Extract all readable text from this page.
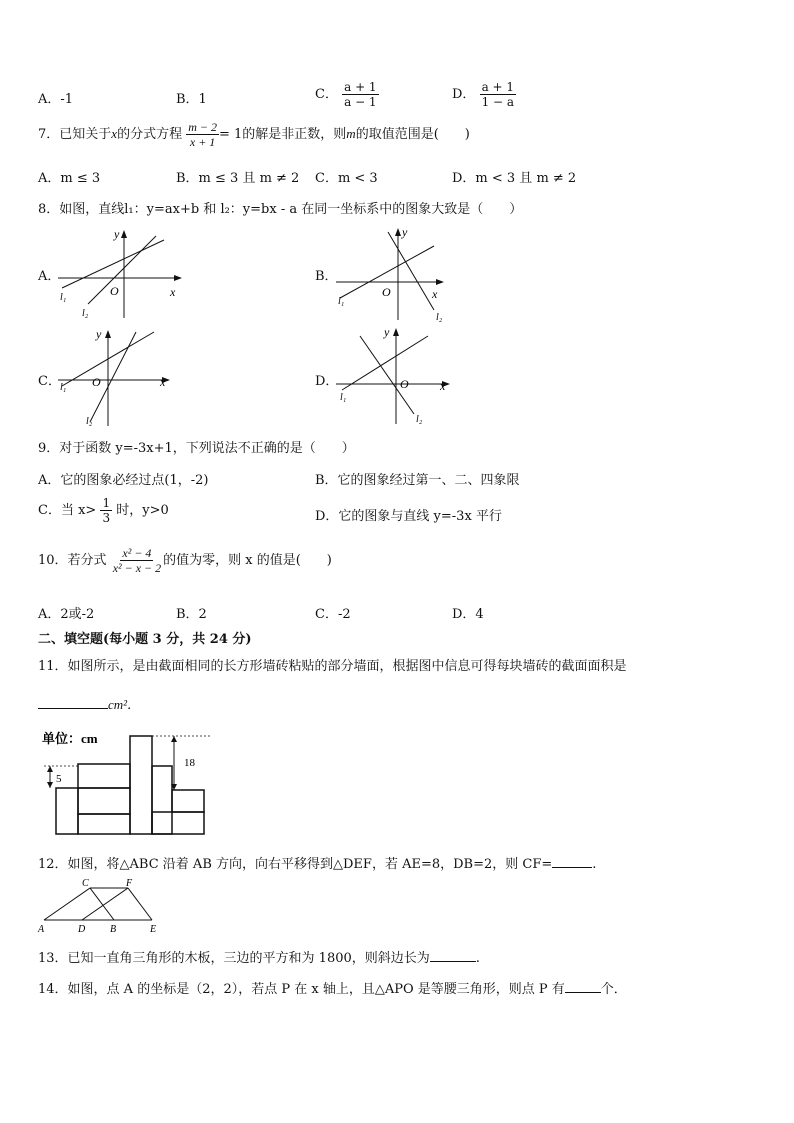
A．-1	B．1	C． $\frac{a + 1}{a - 1}$	D． $\frac{a + 1}{1 - a}$
7．已知关于x的分式方程 $\frac{m - 2}{x + 1} = 1$的解是非正数，则m的取值范围是(　　)
A．m ≤ 3	B．m ≤ 3 且 m ≠ 2 C．m < 3	D．m < 3 且 m ≠ 2
8．如图，直线l₁：y=ax+b 和 l₂：y=bx - a 在同一坐标系中的图象大致是（　　）
A．
y
x
O
l₁
l₂
B．
y
x
O
l₁
l₂
C．
y
x
O
l₁
l₂
D．
y
x
O
l₁
l₂
9．对于函数 y=-3x+1，下列说法不正确的是（　　）
A．它的图象必经过点(1，-2)	B．它的图象经过第一、二、四象限
C．当 $x> \frac{1}{3}$ 时，y>0	D．它的图象与直线 y=-3x 平行
10．若分式 $\frac{\text{x² − 4}}{\text{x² − x − 2}}$ 的值为零，则 x 的值是(　　)
A．2或-2	B．2	C．-2	D．4
二、填空题(每小题 3 分，共 24 分)
11．如图所示，是由截面相同的长方形墙砖粘贴的部分墙面，根据图中信息可得每块墙砖的截面面积是
cm²．
单位：cm
5
18
12．如图，将△ABC 沿着 AB 方向，向右平移得到△DEF，若 AE=8，DB=2，则 CF=	.
A	D B	E
C	F
13．已知一直角三角形的木板，三边的平方和为 1800，则斜边长为	.
14．如图，点 A 的坐标是（2，2），若点 P 在 x 轴上，且△APO 是等腰三角形，则点 P 有	个．
